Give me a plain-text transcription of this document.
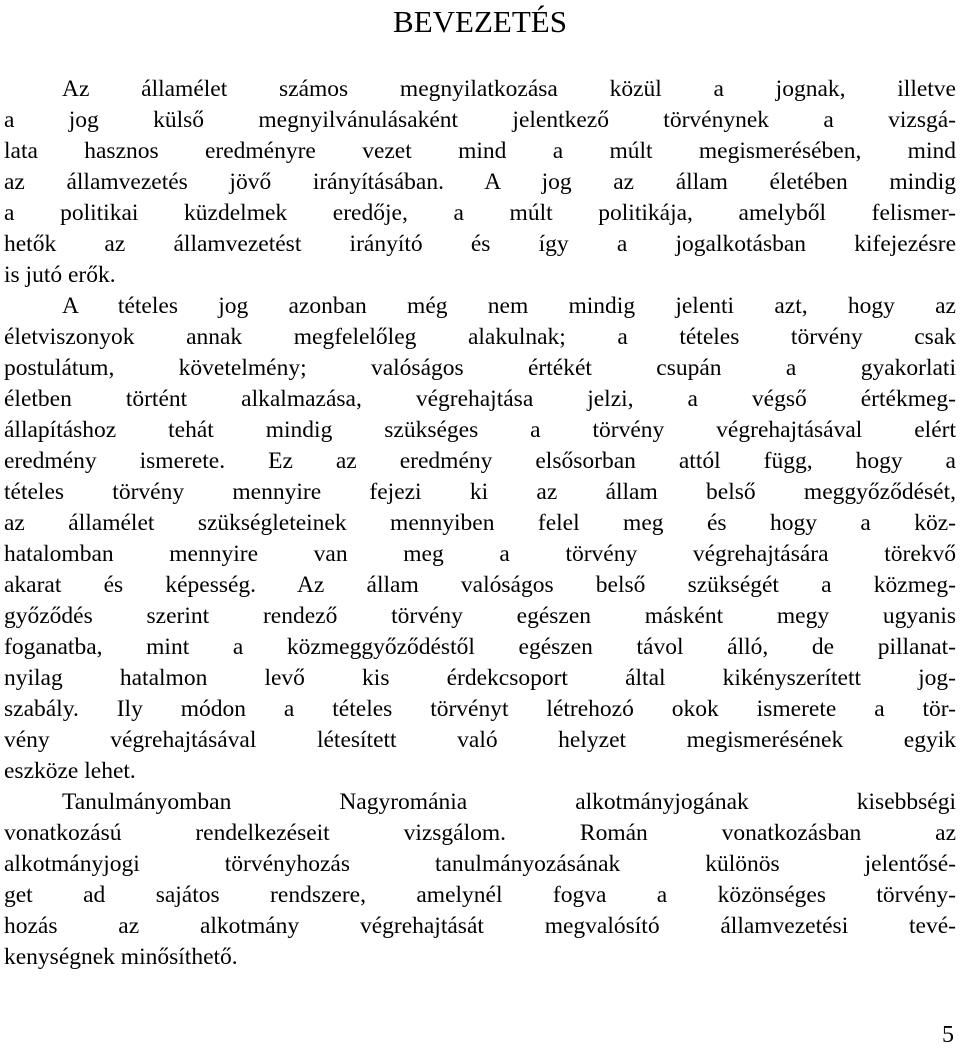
BEVEZETÉS
Az államélet számos megnyilatkozása közül a jognak, illetve
a jog külső megnyilvánulásaként jelentkező törvénynek a vizsgá-
lata hasznos eredményre vezet mind a múlt megismerésében, mind
az államvezetés jövő irányításában. A jog az állam életében mindig
a politikai küzdelmek eredője, a múlt politikája, amelyből felismer-
hetők az államvezetést irányító és így a jogalkotásban kifejezésre
is jutó erők.
A tételes jog azonban még nem mindig jelenti azt, hogy az
életviszonyok annak megfelelőleg alakulnak; a tételes törvény csak
postulátum, követelmény; valóságos értékét csupán a gyakorlati
életben történt alkalmazása, végrehajtása jelzi, a végső értékmeg-
állapításhoz tehát mindig szükséges a törvény végrehajtásával elért
eredmény ismerete. Ez az eredmény elsősorban attól függ, hogy a
tételes törvény mennyire fejezi ki az állam belső meggyőződését,
az államélet szükségleteinek mennyiben felel meg és hogy a köz-
hatalomban mennyire van meg a törvény végrehajtására törekvő
akarat és képesség. Az állam valóságos belső szükségét a közmeg-
győződés szerint rendező törvény egészen másként megy ugyanis
foganatba, mint a közmeggyőződéstől egészen távol álló, de pillanat-
nyilag hatalmon levő kis érdekcsoport által kikényszerített jog-
szabály. Ily módon a tételes törvényt létrehozó okok ismerete a tör-
vény végrehajtásával létesített való helyzet megismerésének egyik
eszköze lehet.
Tanulmányomban Nagyrománia alkotmányjogának kisebbségi
vonatkozású rendelkezéseit vizsgálom. Román vonatkozásban az
alkotmányjogi törvényhozás tanulmányozásának különös jelentősé-
get ad sajátos rendszere, amelynél fogva a közönséges törvény-
hozás az alkotmány végrehajtását megvalósító államvezetési tevé-
kenységnek minősíthető.
5
